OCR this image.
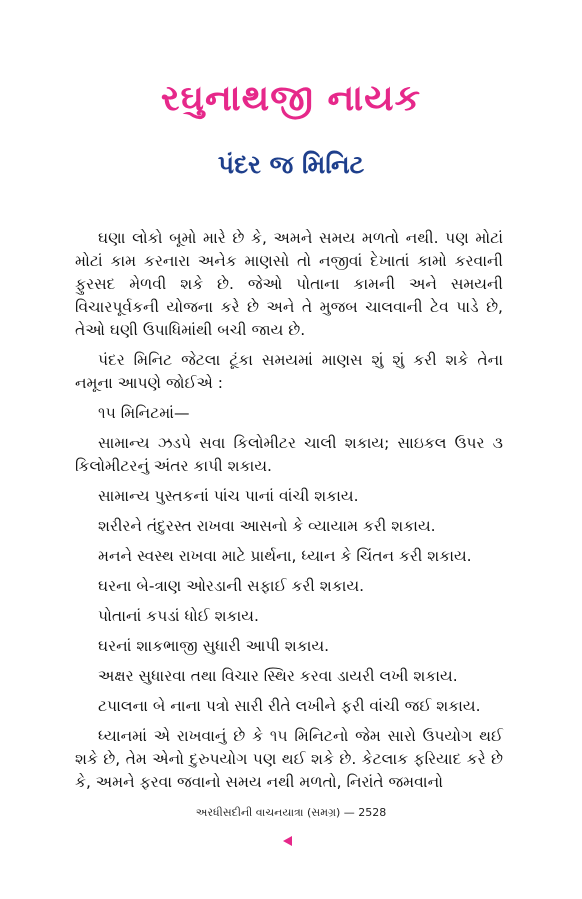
રઘુનાથજી નાયક
પંદર જ મિનિટ

ઘણા લોકો બૂમો મારે છે કે, અમને સમય મળતો નથી. પણ મોટાં મોટાં કામ કરનારા અનેક માણસો તો નજીવાં દેખાતાં કામો કરવાની ફુરસદ મેળવી શકે છે. જેઓ પોતાના કામની અને સમયની વિચારપૂર્વકની યોજના કરે છે અને તે મુજબ ચાલવાની ટેવ પાડે છે, તેઓ ઘણી ઉપાધિમાંથી બચી જાય છે.

પંદર મિનિટ જેટલા ટૂંકા સમયમાં માણસ શું શું કરી શકે તેના નમૂના આપણે જોઈએ :

૧૫ મિનિટમાં—

સામાન્ય ઝડપે સવા કિલોમીટર ચાલી શકાય; સાઇકલ ઉપર ૩ કિલોમીટરનું અંતર કાપી શકાય.

સામાન્ય પુસ્તકનાં પાંચ પાનાં વાંચી શકાય.

શરીરને તંદુરસ્ત રાખવા આસનો કે વ્યાયામ કરી શકાય.

મનને સ્વસ્થ રાખવા માટે પ્રાર્થના, ધ્યાન કે ચિંતન કરી શકાય.

ઘરના બે-ત્રાણ ઓરડાની સફાઈ કરી શકાય.

પોતાનાં કપડાં ધોઈ શકાય.

ઘરનાં શાકભાજી સુધારી આપી શકાય.

અક્ષર સુધારવા તથા વિચાર સ્થિર કરવા ડાયરી લખી શકાય.

ટપાલના બે નાના પત્રો સારી રીતે લખીને ફરી વાંચી જઈ શકાય.

ધ્યાનમાં એ રાખવાનું છે કે ૧૫ મિનિટનો જેમ સારો ઉપયોગ થઈ શકે છે, તેમ એનો દુરુપયોગ પણ થઈ શકે છે. કેટલાક ફરિયાદ કરે છે કે, અમને ફરવા જવાનો સમય નથી મળતો, નિરાંતે જમવાનો

અરધીસદીની વાચનયાત્રા (સમગ્ર) — 2528
